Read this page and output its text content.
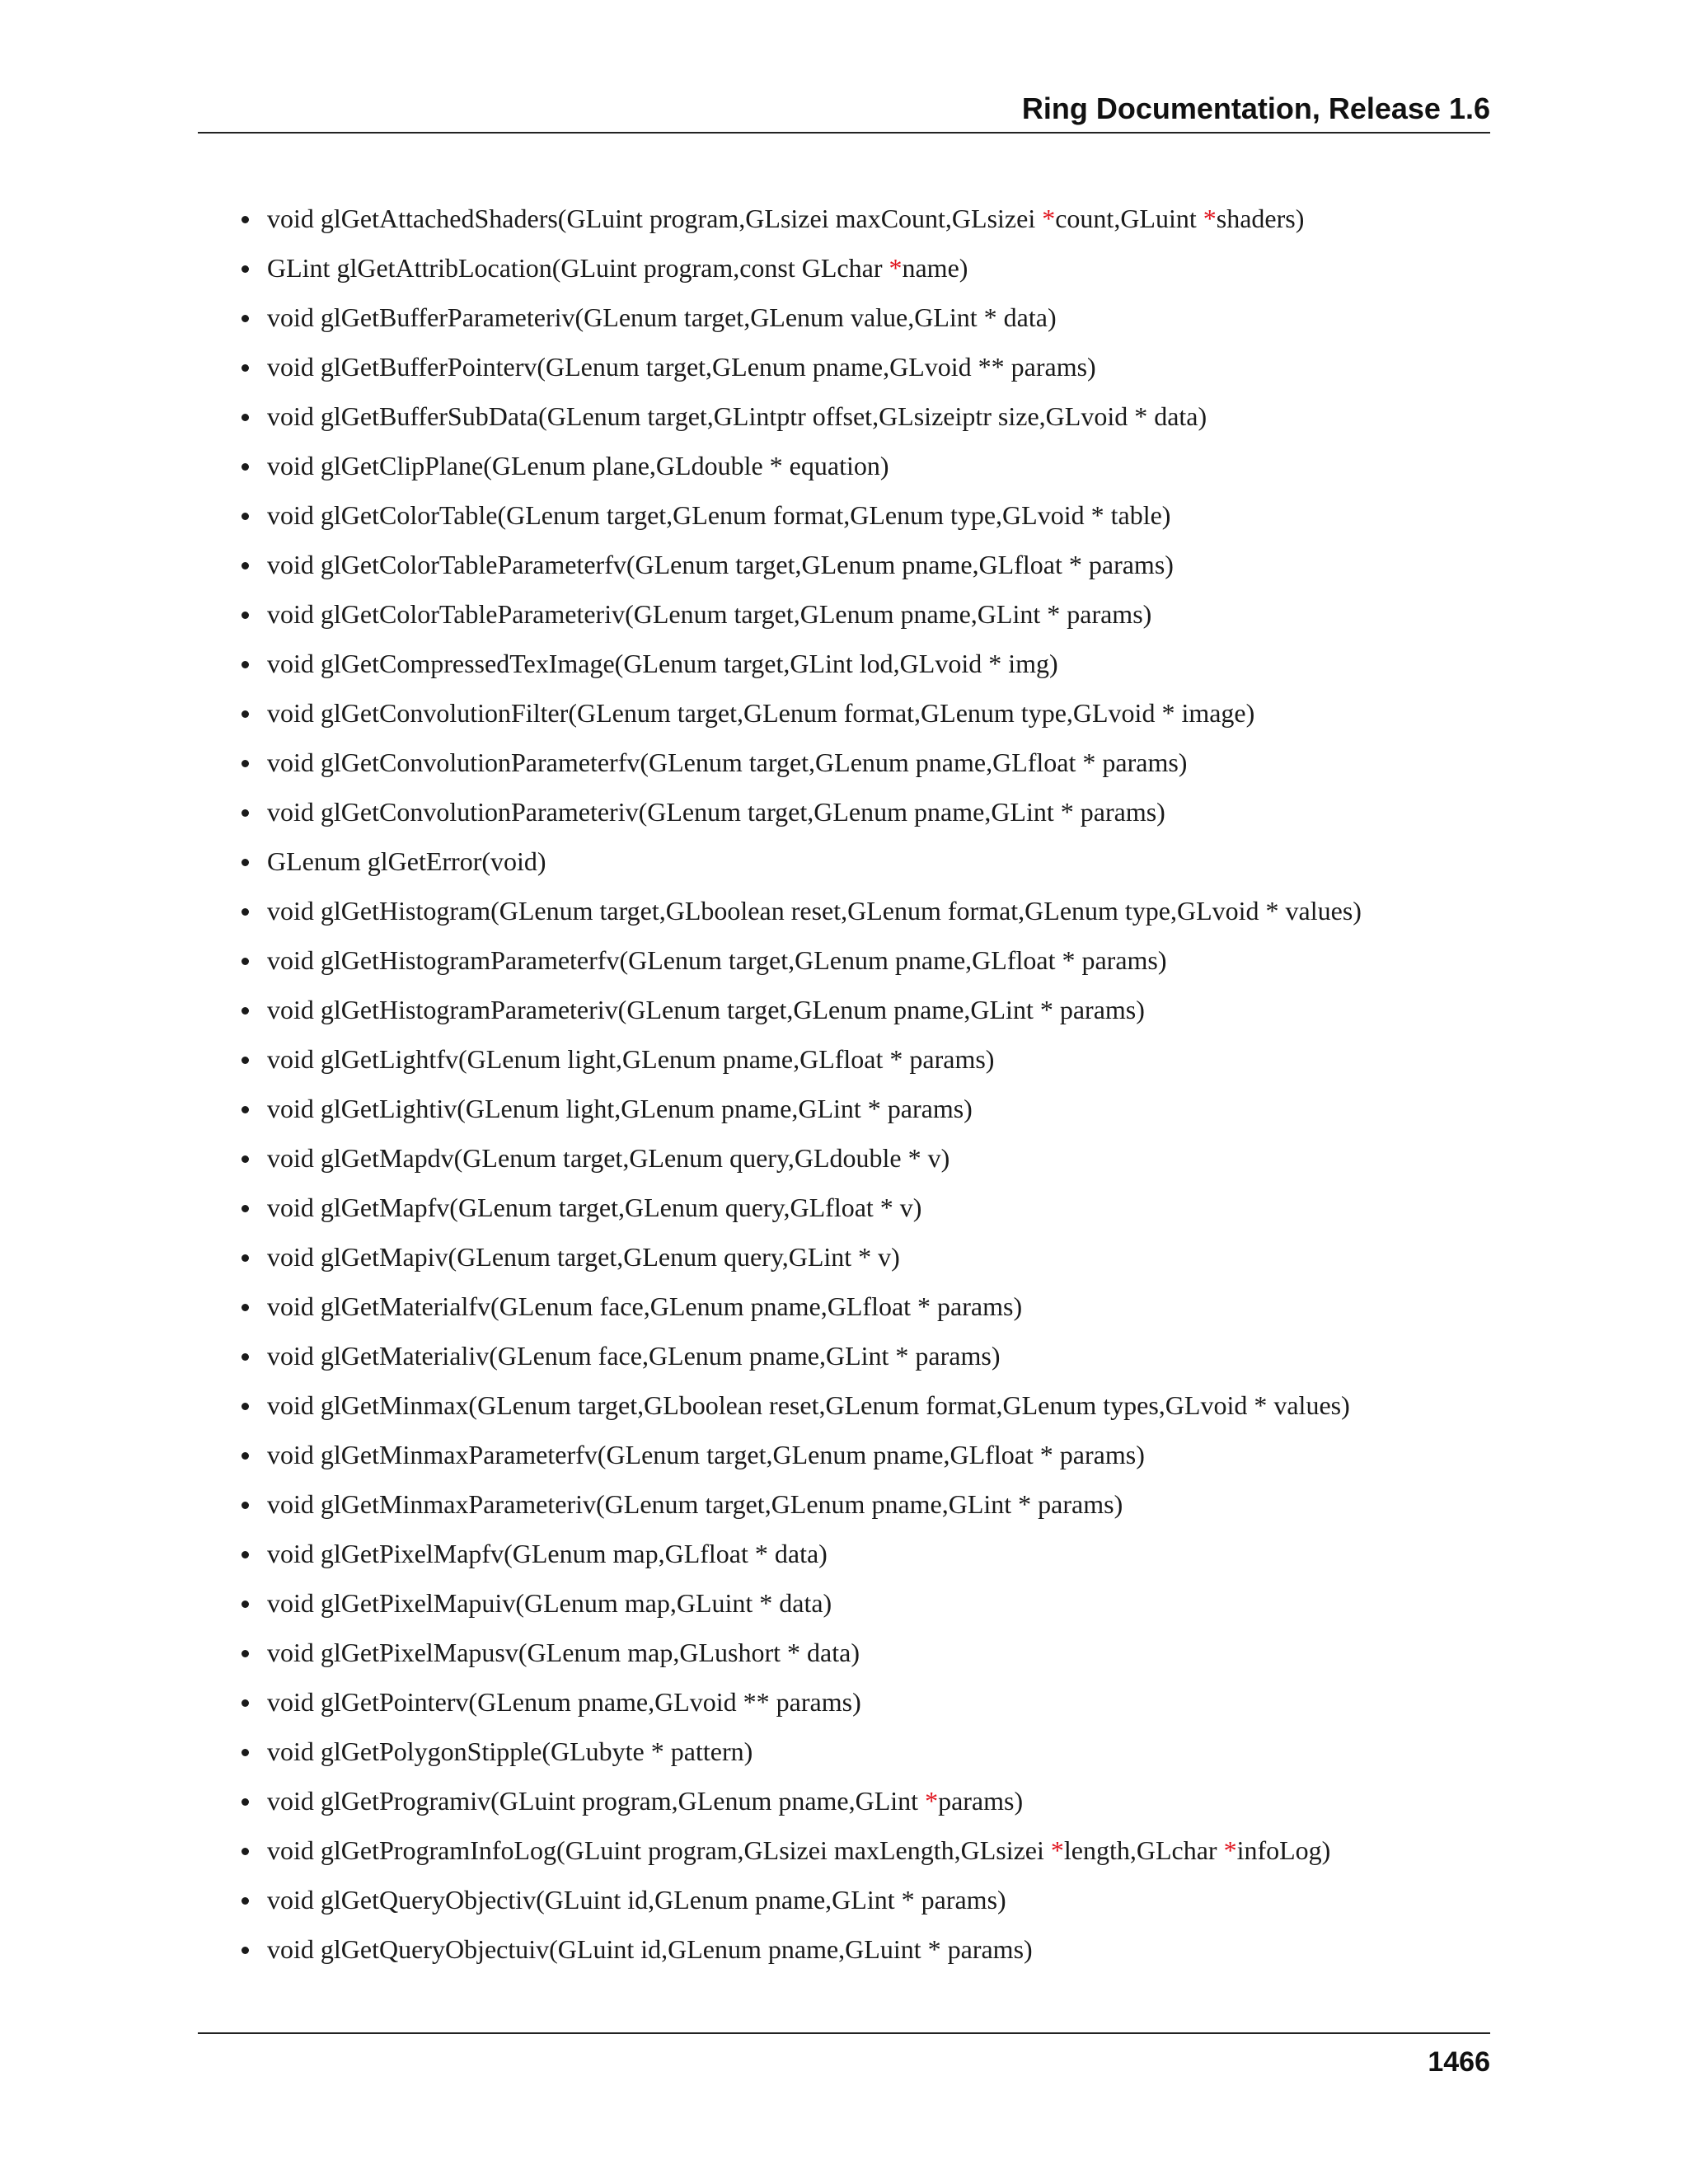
Ring Documentation, Release 1.6
void glGetAttachedShaders(GLuint program,GLsizei maxCount,GLsizei *count,GLuint *shaders)
GLint glGetAttribLocation(GLuint program,const GLchar *name)
void glGetBufferParameteriv(GLenum target,GLenum value,GLint * data)
void glGetBufferPointerv(GLenum target,GLenum pname,GLvoid ** params)
void glGetBufferSubData(GLenum target,GLintptr offset,GLsizeiptr size,GLvoid * data)
void glGetClipPlane(GLenum plane,GLdouble * equation)
void glGetColorTable(GLenum target,GLenum format,GLenum type,GLvoid * table)
void glGetColorTableParameterfv(GLenum target,GLenum pname,GLfloat * params)
void glGetColorTableParameteriv(GLenum target,GLenum pname,GLint * params)
void glGetCompressedTexImage(GLenum target,GLint lod,GLvoid * img)
void glGetConvolutionFilter(GLenum target,GLenum format,GLenum type,GLvoid * image)
void glGetConvolutionParameterfv(GLenum target,GLenum pname,GLfloat * params)
void glGetConvolutionParameteriv(GLenum target,GLenum pname,GLint * params)
GLenum glGetError(void)
void glGetHistogram(GLenum target,GLboolean reset,GLenum format,GLenum type,GLvoid * values)
void glGetHistogramParameterfv(GLenum target,GLenum pname,GLfloat * params)
void glGetHistogramParameteriv(GLenum target,GLenum pname,GLint * params)
void glGetLightfv(GLenum light,GLenum pname,GLfloat * params)
void glGetLightiv(GLenum light,GLenum pname,GLint * params)
void glGetMapdv(GLenum target,GLenum query,GLdouble * v)
void glGetMapfv(GLenum target,GLenum query,GLfloat * v)
void glGetMapiv(GLenum target,GLenum query,GLint * v)
void glGetMaterialfv(GLenum face,GLenum pname,GLfloat * params)
void glGetMaterialiv(GLenum face,GLenum pname,GLint * params)
void glGetMinmax(GLenum target,GLboolean reset,GLenum format,GLenum types,GLvoid * values)
void glGetMinmaxParameterfv(GLenum target,GLenum pname,GLfloat * params)
void glGetMinmaxParameteriv(GLenum target,GLenum pname,GLint * params)
void glGetPixelMapfv(GLenum map,GLfloat * data)
void glGetPixelMapuiv(GLenum map,GLuint * data)
void glGetPixelMapusv(GLenum map,GLushort * data)
void glGetPointerv(GLenum pname,GLvoid ** params)
void glGetPolygonStipple(GLubyte * pattern)
void glGetProgramiv(GLuint program,GLenum pname,GLint *params)
void glGetProgramInfoLog(GLuint program,GLsizei maxLength,GLsizei *length,GLchar *infoLog)
void glGetQueryObjectiv(GLuint id,GLenum pname,GLint * params)
void glGetQueryObjectuiv(GLuint id,GLenum pname,GLuint * params)
1466
